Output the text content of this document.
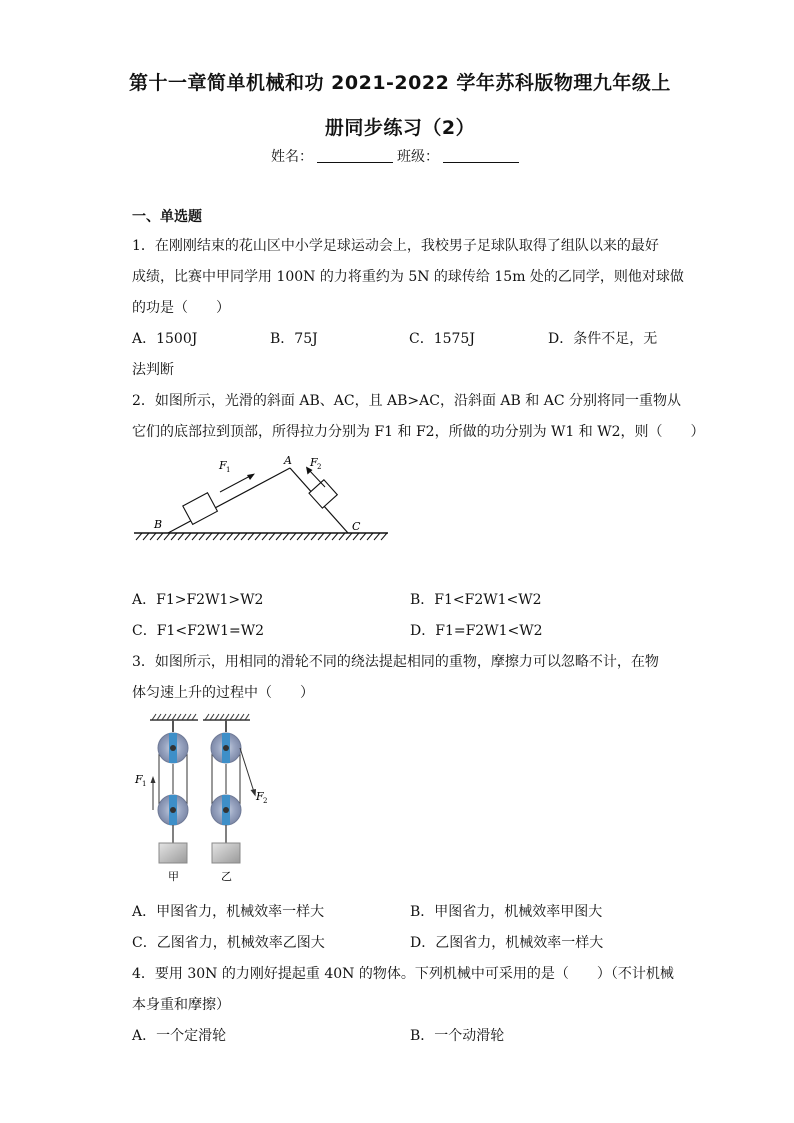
第十一章简单机械和功 2021-2022 学年苏科版物理九年级上
册同步练习（2）
姓名：	班级：
一、单选题
1．在刚刚结束的花山区中小学足球运动会上，我校男子足球队取得了组队以来的最好
成绩，比赛中甲同学用 100N 的力将重约为 5N 的球传给 15m 处的乙同学，则他对球做
的功是（　　）
A．1500J	B．75J	C．1575J	D．条件不足，无
法判断
2．如图所示，光滑的斜面 AB、AC，且 AB>AC，沿斜面 AB 和 AC 分别将同一重物从
它们的底部拉到顶部，所得拉力分别为 F1 和 F2，所做的功分别为 W1 和 W2，则（　　）
A
B	C
F 1
F 2
A．F1>F2W1>W2	B．F1<F2W1<W2
C．F1<F2W1=W2	D．F1=F2W1<W2
3．如图所示，用相同的滑轮不同的绕法提起相同的重物，摩擦力可以忽略不计，在物
体匀速上升的过程中（　　）
F 1
甲
F 2
乙
A．甲图省力，机械效率一样大	B．甲图省力，机械效率甲图大
C．乙图省力，机械效率乙图大	D．乙图省力，机械效率一样大
4．要用 30N 的力刚好提起重 40N 的物体。下列机械中可采用的是（　　）（不计机械
本身重和摩擦）
A．一个定滑轮	B．一个动滑轮
